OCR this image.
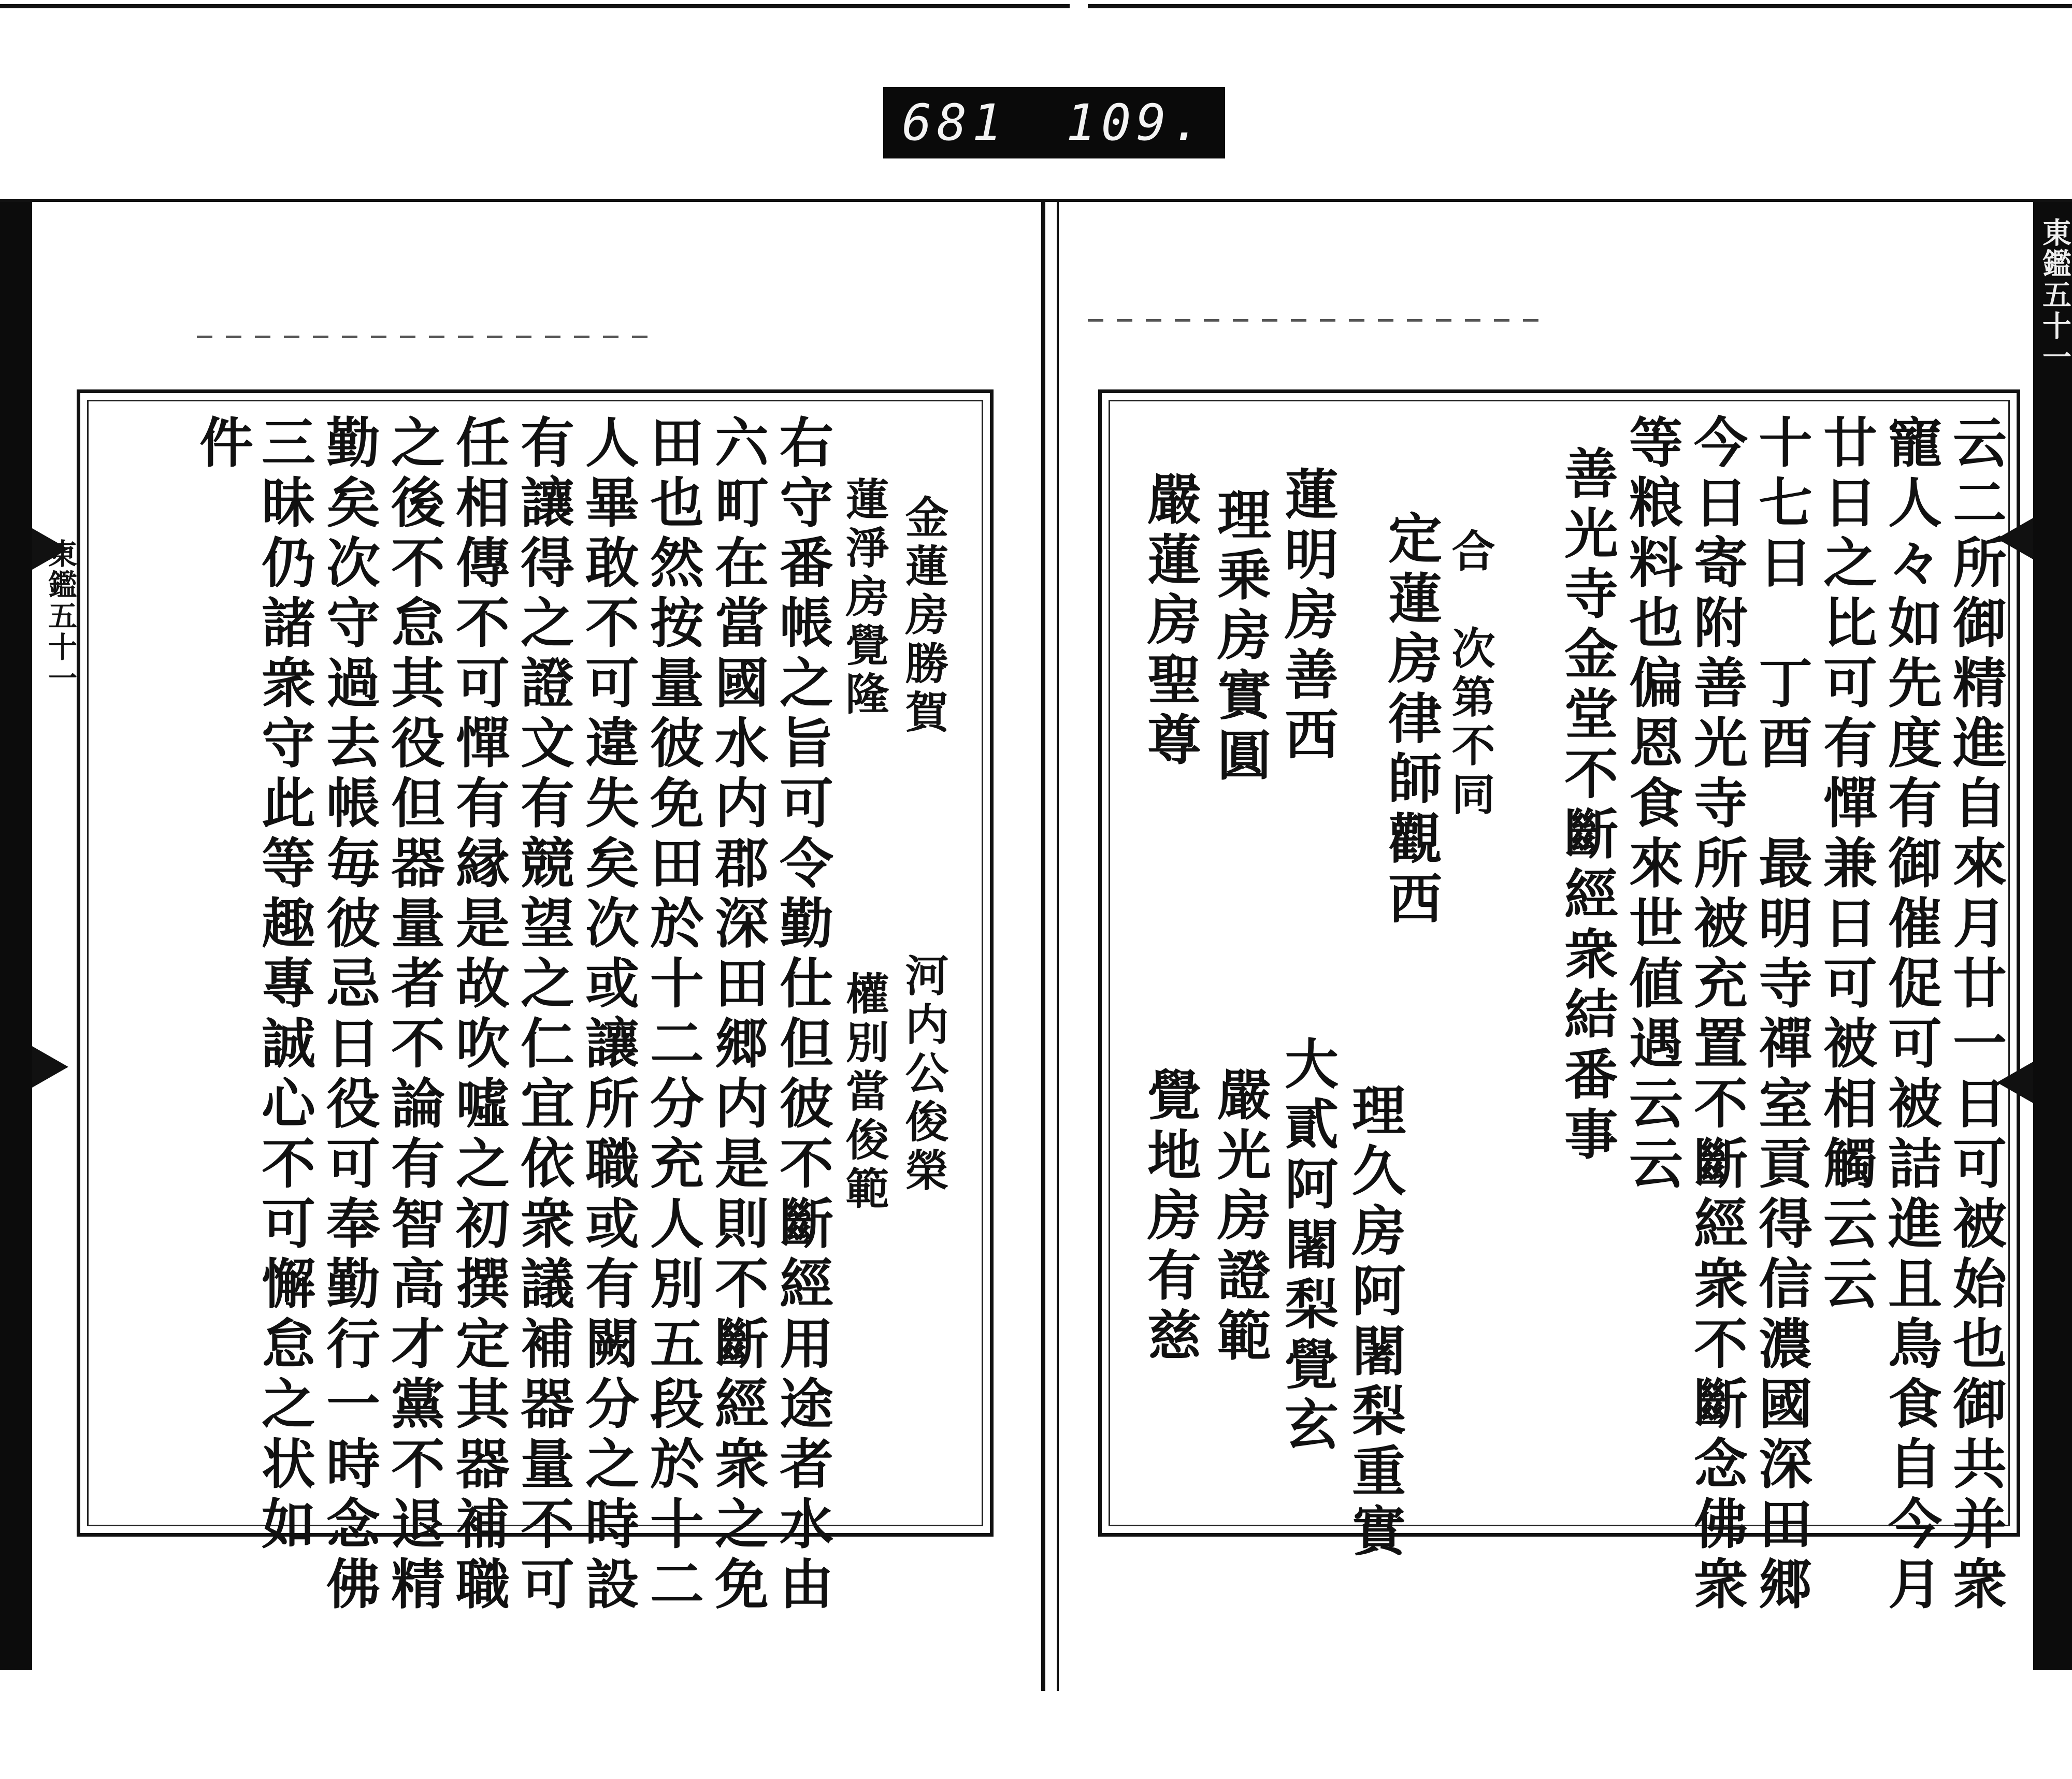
681 109.
金蓮房勝賀
蓮淨房覺隆
河内公俊榮
權別當俊範
右守番帳之旨可令勤仕但彼不斷經用途者水由
六町在當國水内郡深田郷内是則不斷經衆之免
田也然按量彼免田於十二分充人別五段於十二
人畢敢不可違失矣次或讓所職或有闕分之時設
有讓得之證文有競望之仁宜依衆議補器量不可
任相傳不可憚有縁是故吹噓之初撰定其器補職
之後不怠其役但器量者不論有智高才黨不退精
勤矣次守過去帳毎彼忌日役可奉勤行一時念佛
三昧仍諸衆守此等趣專誠心不可懈怠之状如
件
東鑑五十一	云二所御精進自來月廿一日可被始也御共并衆
寵人々如先度有御催促可被詰進且鳥食自今月
廿日之比可有憚兼日可被相觸云云
十七日　丁酉　最明寺禪室貢得信濃國深田郷
今日寄附善光寺所被充置不斷經衆不斷念佛衆
等粮料也偏恩食來世値遇云云
善光寺金堂不斷經衆結番事
合　次第不同
定蓮房律師觀西
理久房阿闍梨重實
蓮明房善西
大貳阿闍梨覺玄
理乗房實圓
嚴光房證範
嚴蓮房聖尊
覺地房有慈
東鑑五十一
